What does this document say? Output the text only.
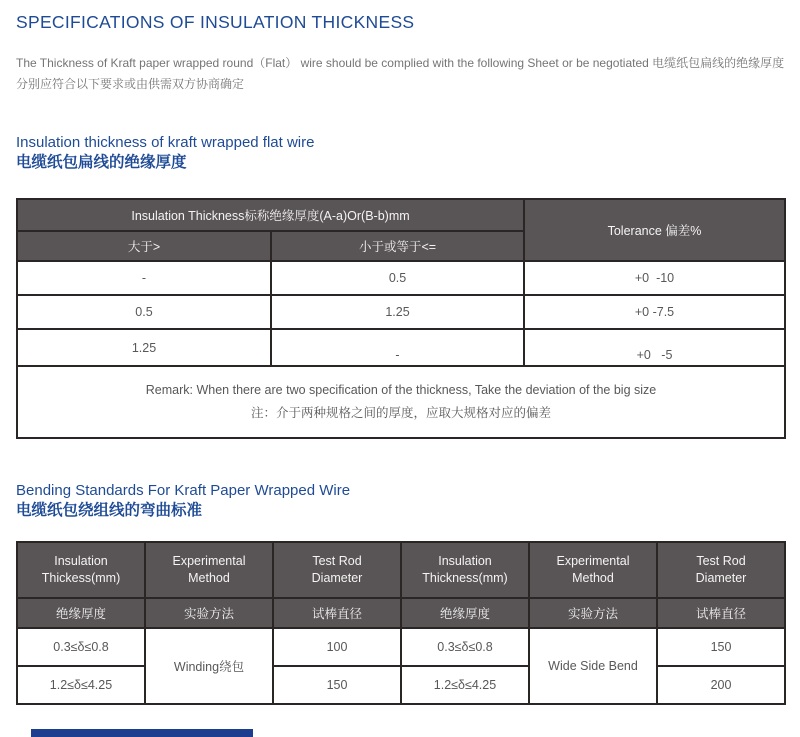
SPECIFICATIONS OF INSULATION THICKNESS
The Thickness of Kraft paper wrapped round（Flat） wire should be complied with the following Sheet or be negotiated 电缆纸包扁线的绝缘厚度分别应符合以下要求或由供需双方协商确定
Insulation thickness of kraft wrapped flat wire
电缆纸包扁线的绝缘厚度
Insulation Thickness标称绝缘厚度(A-a)Or(B-b)mm		Tolerance 偏差%
大于>	小于或等于<=	
-	0.5	+0  -10
0.5	1.25	+0 -7.5
1.25	-	+0   -5

Remark: When there are two specification of the thickness, Take the deviation of the big size
注：介于两种规格之间的厚度，应取大规格对应的偏差		
Bending Standards For Kraft Paper Wrapped Wire
电缆纸包绕组线的弯曲标准
Insulation Thickess(mm)	Experimental Method	Test Rod Diameter	Insulation Thickness(mm)	Experimental Method	Test Rod Diameter
绝缘厚度	实验方法	试棒直径	绝缘厚度	实验方法	试棒直径
0.3≤δ≤0.8	Winding绕包	100	0.3≤δ≤0.8	Wide Side Bend	150
1.2≤δ≤4.25		150	1.2≤δ≤4.25		200
